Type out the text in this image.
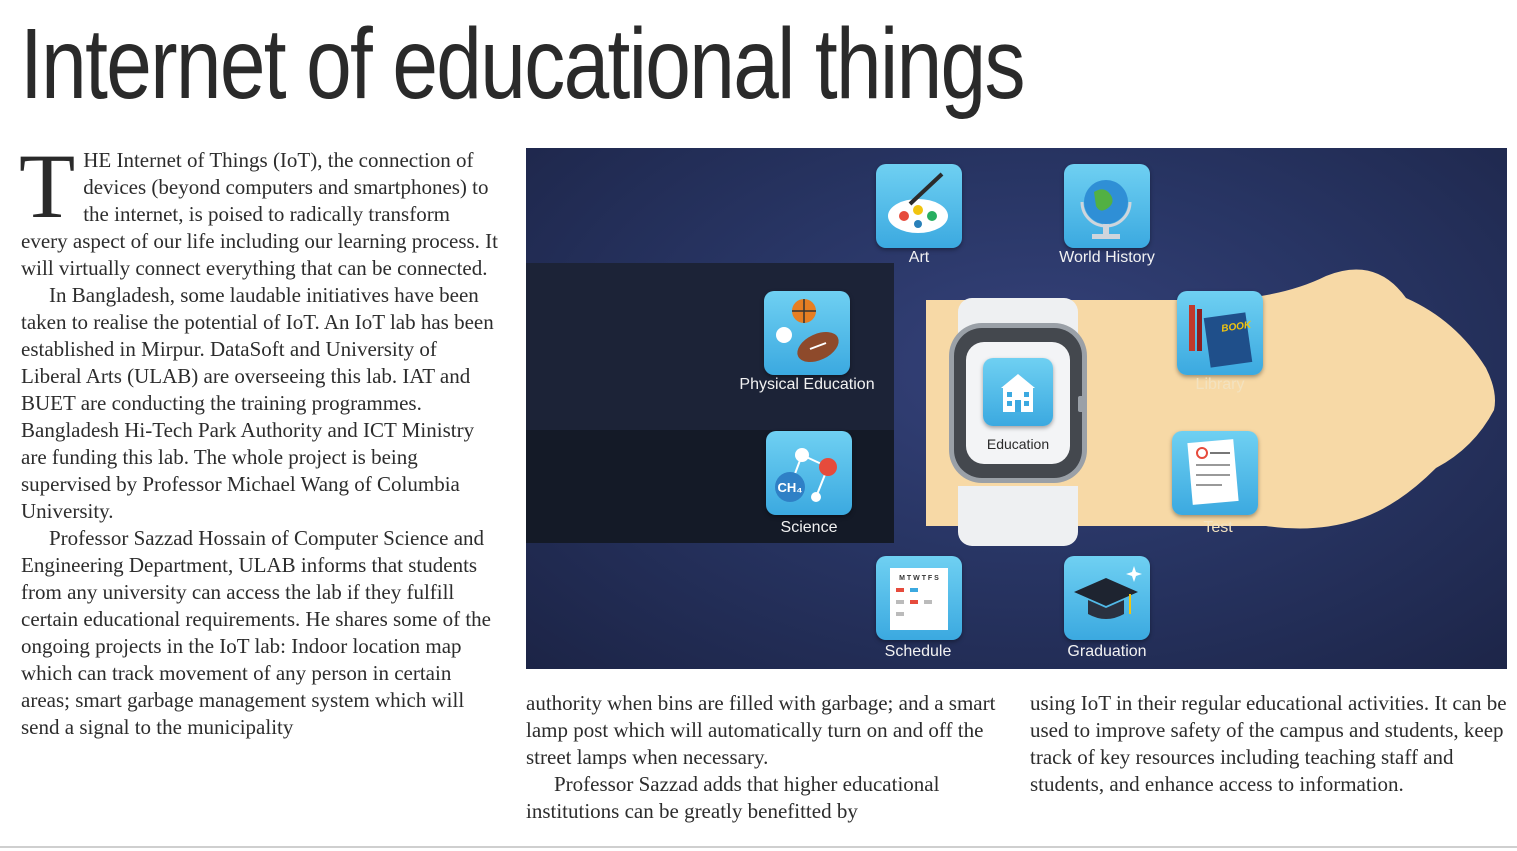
Internet of educational things

THE Internet of Things (IoT), the connection of devices (beyond computers and smartphones) to the internet, is poised to radically transform every aspect of our life including our learning process. It will virtually connect everything that can be connected.

In Bangladesh, some laudable initiatives have been taken to realise the potential of IoT. An IoT lab has been established in Mirpur. DataSoft and University of Liberal Arts (ULAB) are overseeing this lab. IAT and BUET are conducting the training programmes. Bangladesh Hi-Tech Park Authority and ICT Ministry are funding this lab. The whole project is being supervised by Professor Michael Wang of Columbia University.

Professor Sazzad Hossain of Computer Science and Engineering Department, ULAB informs that students from any university can access the lab if they fulfill certain educational requirements. He shares some of the ongoing projects in the IoT lab: Indoor location map which can track movement of any person in certain areas; smart garbage management system which will send a signal to the municipality

Education
Art	World History
Physical Education
CH₄
Science
BOOK
Library
Test
M T W T F S
Schedule	Graduation

authority when bins are filled with garbage; and a smart lamp post which will automatically turn on and off the street lamps when necessary.

Professor Sazzad adds that higher educational institutions can be greatly benefitted by

using IoT in their regular educational activities. It can be used to improve safety of the campus and students, keep track of key resources including teaching staff and students, and enhance access to information.
